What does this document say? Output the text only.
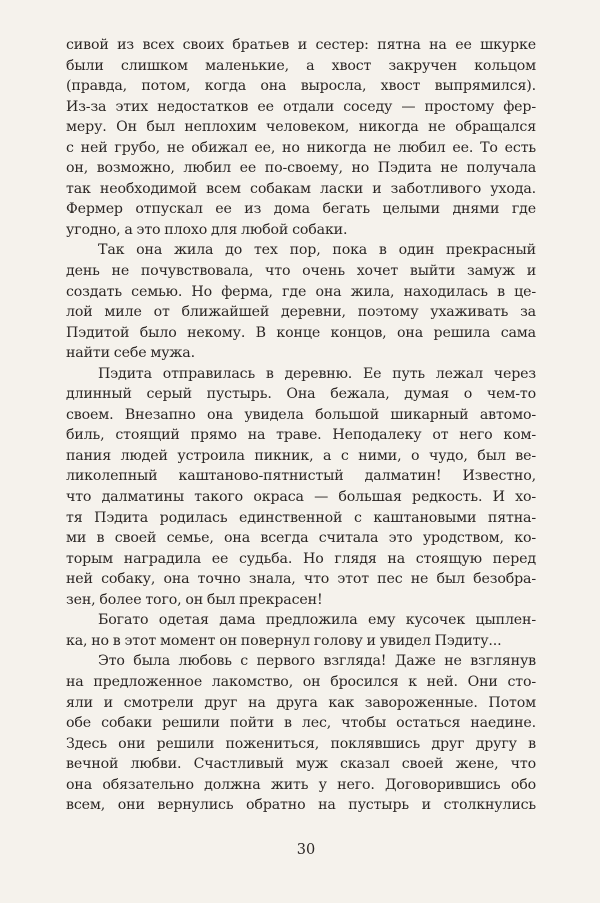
сивой из всех своих братьев и сестер: пятна на ее шкурке
были слишком маленькие, а хвост закручен кольцом
(правда, потом, когда она выросла, хвост выпрямился).
Из-за этих недостатков ее отдали соседу — простому фер-
меру. Он был неплохим человеком, никогда не обращался
с ней грубо, не обижал ее, но никогда не любил ее. То есть
он, возможно, любил ее по-своему, но Пэдита не получала
так необходимой всем собакам ласки и заботливого ухода.
Фермер отпускал ее из дома бегать целыми днями где
угодно, а это плохо для любой собаки.
Так она жила до тех пор, пока в один прекрасный
день не почувствовала, что очень хочет выйти замуж и
создать семью. Но ферма, где она жила, находилась в це-
лой миле от ближайшей деревни, поэтому ухаживать за
Пэдитой было некому. В конце концов, она решила сама
найти себе мужа.
Пэдита отправилась в деревню. Ее путь лежал через
длинный серый пустырь. Она бежала, думая о чем-то
своем. Внезапно она увидела большой шикарный автомо-
биль, стоящий прямо на траве. Неподалеку от него ком-
пания людей устроила пикник, а с ними, о чудо, был ве-
ликолепный каштаново-пятнистый далматин! Известно,
что далматины такого окраса — большая редкость. И хо-
тя Пэдита родилась единственной с каштановыми пятна-
ми в своей семье, она всегда считала это уродством, ко-
торым наградила ее судьба. Но глядя на стоящую перед
ней собаку, она точно знала, что этот пес не был безобра-
зен, более того, он был прекрасен!
Богато одетая дама предложила ему кусочек цыплен-
ка, но в этот момент он повернул голову и увидел Пэдиту...
Это была любовь с первого взгляда! Даже не взглянув
на предложенное лакомство, он бросился к ней. Они сто-
яли и смотрели друг на друга как завороженные. Потом
обе собаки решили пойти в лес, чтобы остаться наедине.
Здесь они решили пожениться, поклявшись друг другу в
вечной любви. Счастливый муж сказал своей жене, что
она обязательно должна жить у него. Договорившись обо
всем, они вернулись обратно на пустырь и столкнулись
30
